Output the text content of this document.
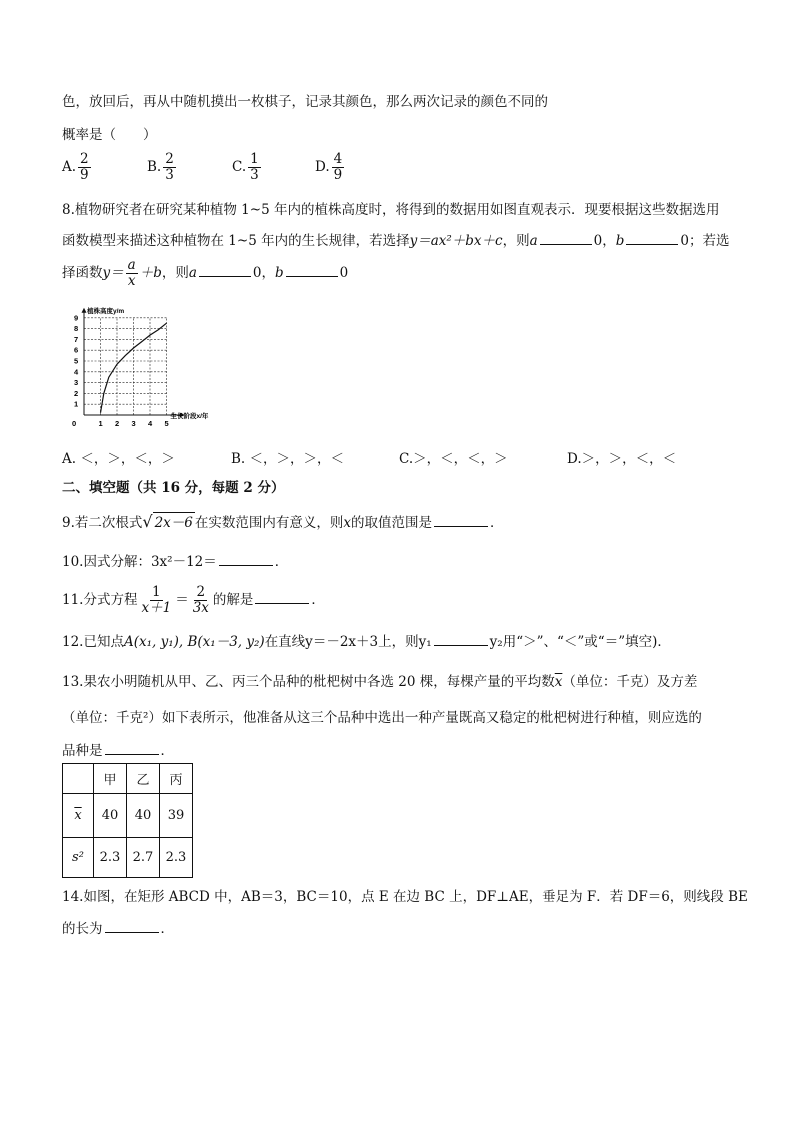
色，放回后，再从中随机摸出一枚棋子，记录其颜色，那么两次记录的颜色不同的
概率是（　　）
A. $\frac{2}{9}$	B. $\frac{2}{3}$	C. $\frac{1}{3}$	D. $\frac{4}{9}$
8.植物研究者在研究某种植物 1~5 年内的植株高度时，将得到的数据用如图直观表示．现要根据这些数据选用
函数模型来描述这种植物在 1~5 年内的生长规律，若选择y＝ax²＋bx＋c，则a	0，b	0；若选
择函数$y= \frac{a}{x} +b$，则a	0，b	0
1
2
3
4
5
6
7
8
9
1 2 3 4 5
0
植株高度y/m
生长阶段x/年
A. ＜，＞，＜，＞	B. ＜，＞，＞，＜	C.＞，＜，＜，＞	D.＞，＞，＜，＜
二、填空题（共 16 分，每题 2 分）
9.若二次根式√ 2x－6 在实数范围内有意义，则x的取值范围是	．
10.因式分解：3x²－12＝	．
11.分式方程 $\frac{1}{x+1} = \frac{2}{3x}$ 的解是	．
12.已知点A(x₁, y₁), B(x₁－3, y₂)在直线y＝－2x＋3上，则y₁	y₂用“＞”、“＜”或“＝”填空)．
13.果农小明随机从甲、乙、丙三个品种的枇杷树中各选 20 棵，每棵产量的平均数$\overline{x}$（单位：千克）及方差
（单位：千克²）如下表所示，他准备从这三个品种中选出一种产量既高又稳定的枇杷树进行种植，则应选的
品种是	．
	甲	乙	丙
$\overline{x}$	40	40	39
s²	2.3	2.7	2.3
14.如图，在矩形 ABCD 中，AB＝3，BC＝10，点 E 在边 BC 上，DF⊥AE，垂足为 F．若 DF＝6，则线段 BE
的长为	．
